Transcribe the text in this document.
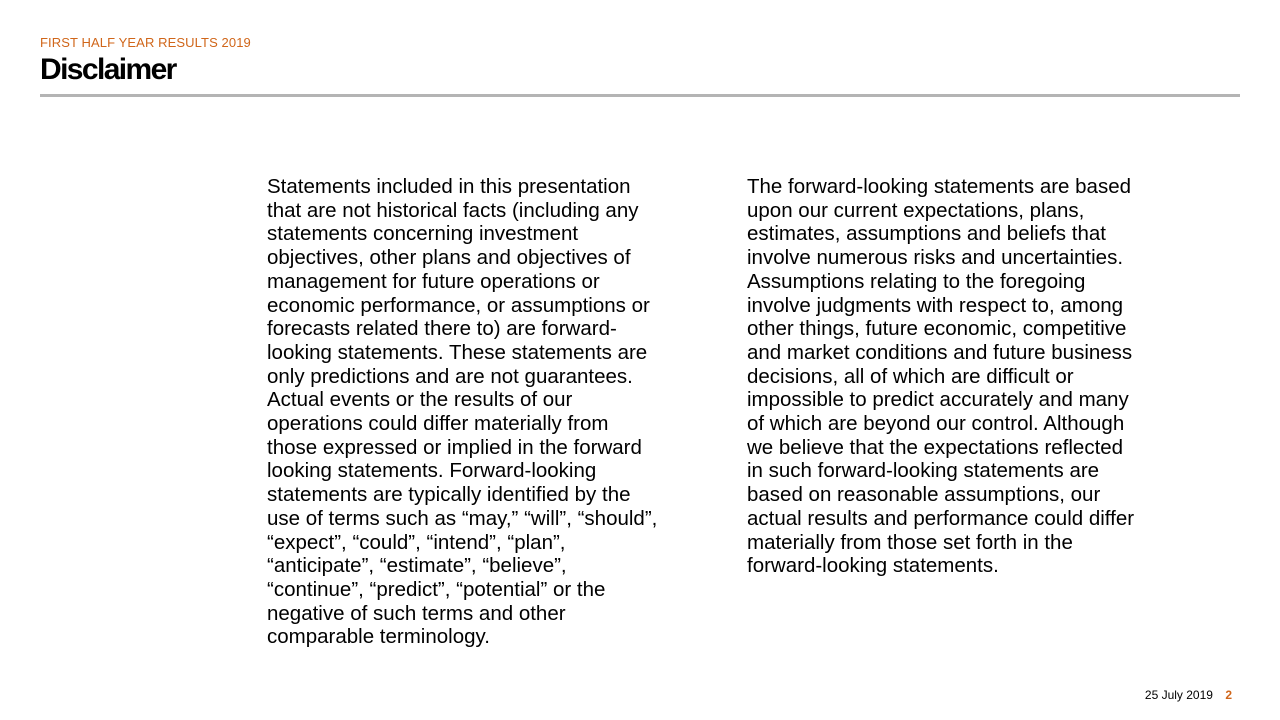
FIRST HALF YEAR RESULTS 2019
Disclaimer
Statements included in this presentation
that are not historical facts (including any
statements concerning investment
objectives, other plans and objectives of
management for future operations or
economic performance, or assumptions or
forecasts related there to) are forward-
looking statements. These statements are
only predictions and are not guarantees.
Actual events or the results of our
operations could differ materially from
those expressed or implied in the forward
looking statements. Forward-looking
statements are typically identified by the
use of terms such as “may,” “will”, “should”,
“expect”, “could”, “intend”, “plan”,
“anticipate”, “estimate”, “believe”,
“continue”, “predict”, “potential” or the
negative of such terms and other
comparable terminology.
The forward-looking statements are based
upon our current expectations, plans,
estimates, assumptions and beliefs that
involve numerous risks and uncertainties.
Assumptions relating to the foregoing
involve judgments with respect to, among
other things, future economic, competitive
and market conditions and future business
decisions, all of which are difficult or
impossible to predict accurately and many
of which are beyond our control. Although
we believe that the expectations reflected
in such forward-looking statements are
based on reasonable assumptions, our
actual results and performance could differ
materially from those set forth in the
forward-looking statements.
25 July 2019 2
